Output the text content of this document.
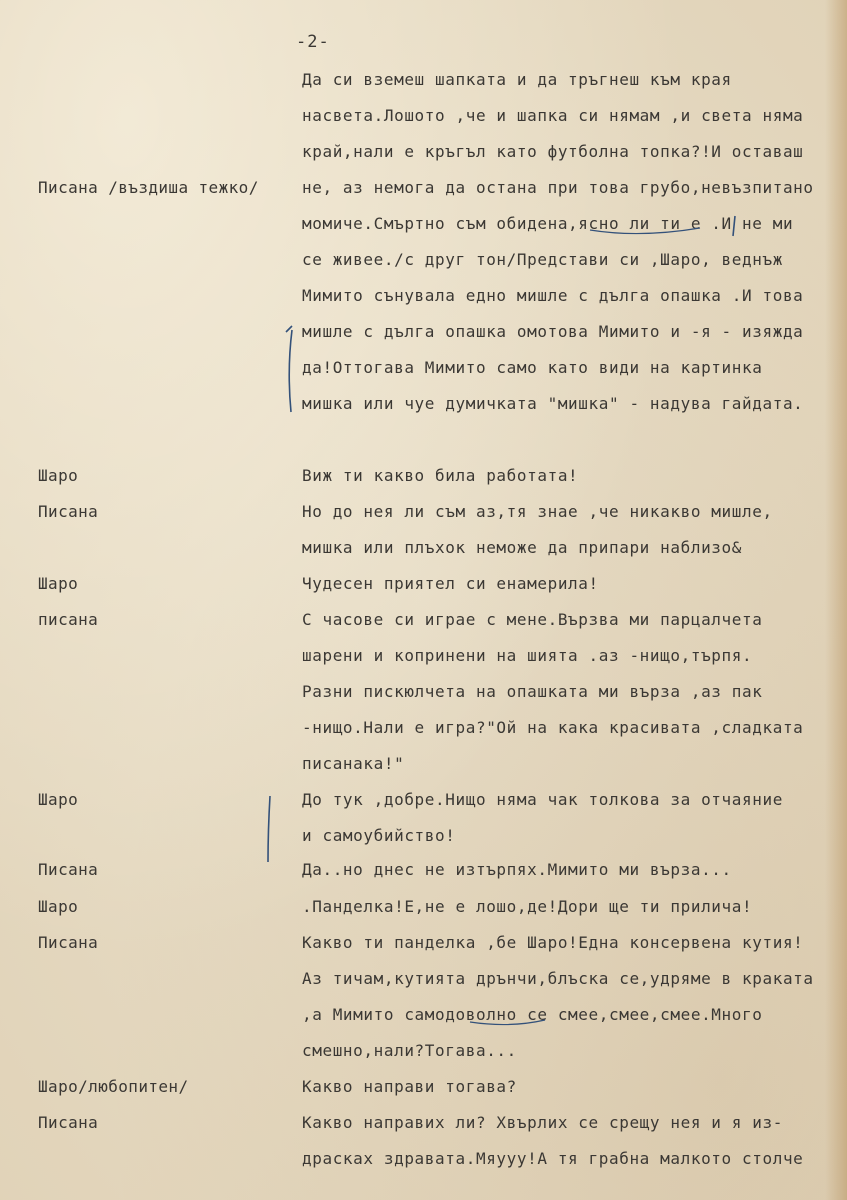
-2-
Да си вземеш шапката и да тръгнеш към края
насвета.Лошото ,че и шапка си нямам ,и света няма
край,нали е кръгъл като футболна топка?!И оставаш
Писана /въздиша тежко/	не, аз немога да остана при това грубо,невъзпитано
момиче.Смъртно съм обидена,ясно ли ти е .И не ми
се живее./с друг тон/Представи си ,Шаро, веднъж
Мимито сънувала едно мишле с дълга опашка .И това
мишле с дълга опашка омотова Мимито и -я - изяжда
да!Оттогава Мимито само като види на картинка
мишка или чуе думичката "мишка" - надува гайдата.
Шаро	Виж ти какво била работата!
Писана	Но до нея ли съм аз,тя знае ,че никакво мишле,
мишка или плъхок неможе да припари наблизо&
Шаро	Чудесен приятел си енамерила!
писана	С часове си играе с мене.Вързва ми парцалчета
шарени и копринени на шията .аз -нищо,търпя.
Разни пискюлчета на опашката ми върза ,аз пак
-нищо.Нали е игра?"Ой на кака красивата ,сладката
писанака!"
Шаро	До тук ,добре.Нищо няма чак толкова за отчаяние
и самоубийство!
Писана	Да..но днес не изтърпях.Мимито ми върза...
Шаро	.Панделка!Е,не е лошо,де!Дори ще ти прилича!
Писана	Какво ти панделка ,бе Шаро!Една консервена кутия!
Аз тичам,кутията дрънчи,блъска се,удряме в краката
,а Мимито самодоволно се смее,смее,смее.Много
смешно,нали?Тогава...
Шаро/любопитен/	Какво направи тогава?
Писана	Какво направих ли? Хвърлих се срещу нея и я из-
драсках здравата.Мяууу!А тя грабна малкото столче
